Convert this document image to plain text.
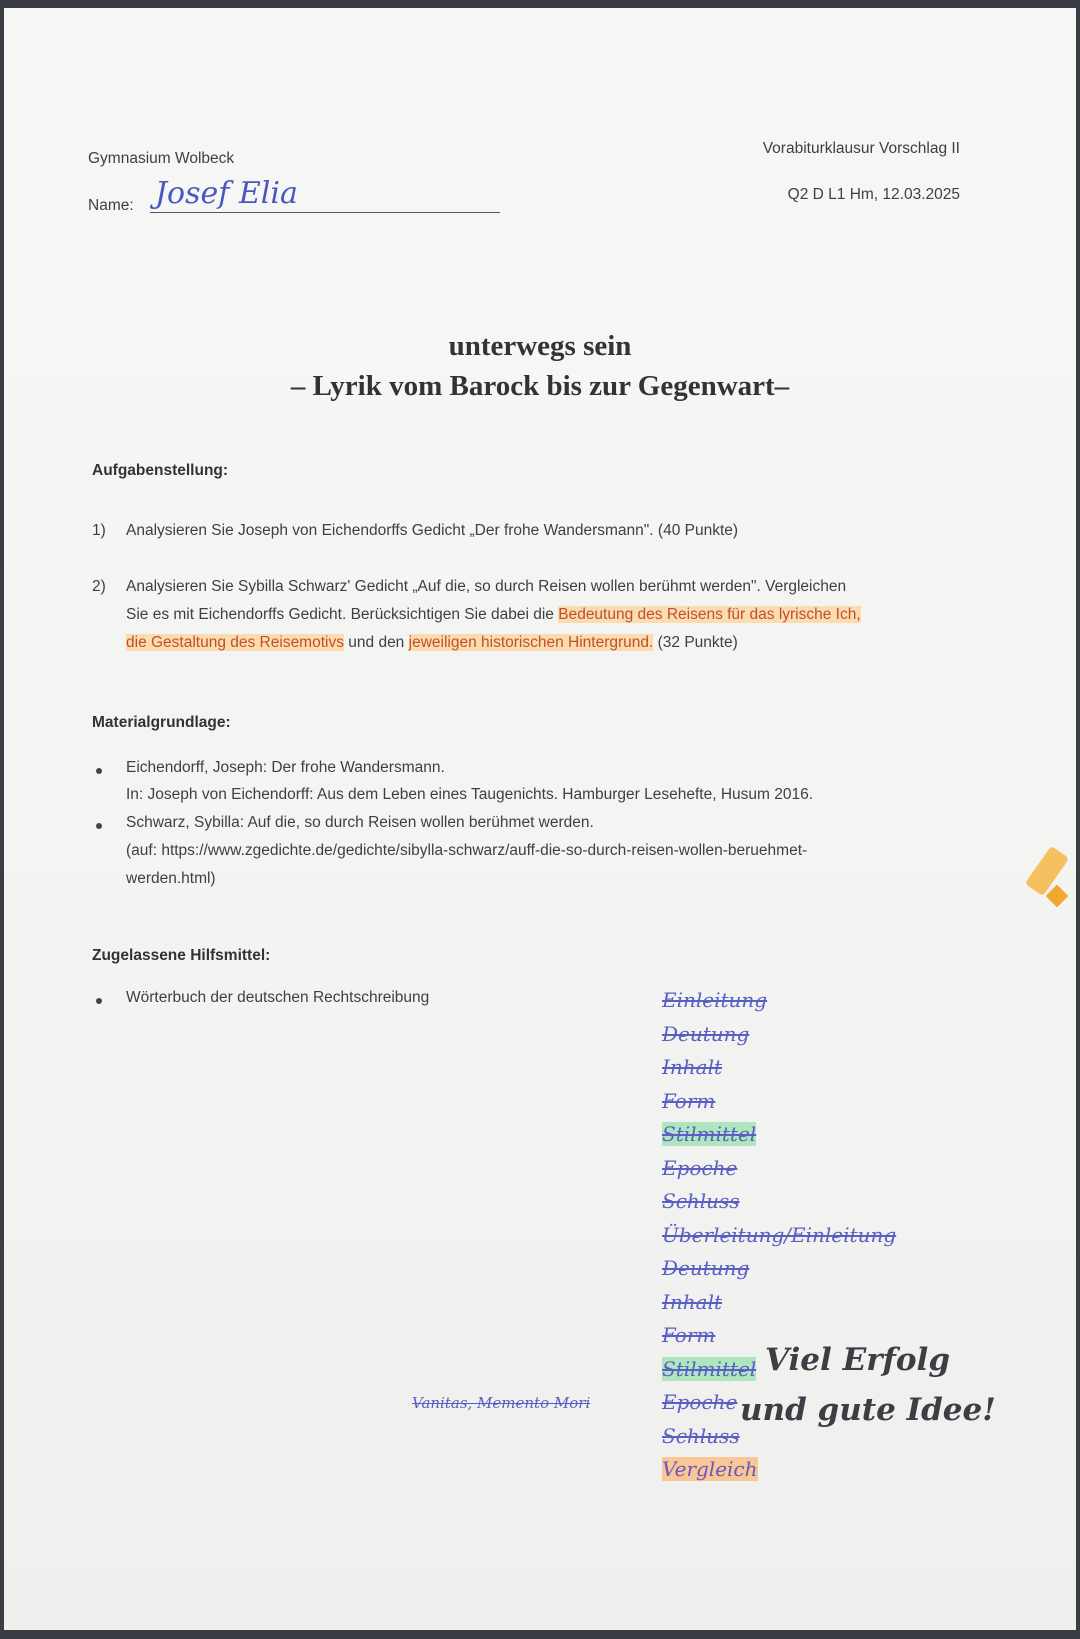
Gymnasium Wolbeck
Name: Josef Elia
Vorabiturklausur Vorschlag II
Q2 D L1 Hm, 12.03.2025
unterwegs sein
– Lyrik vom Barock bis zur Gegenwart–
Aufgabenstellung:
1) Analysieren Sie Joseph von Eichendorffs Gedicht „Der frohe Wandersmann". (40 Punkte)
2) Analysieren Sie Sybilla Schwarz' Gedicht „Auf die, so durch Reisen wollen berühmt werden". Vergleichen
Sie es mit Eichendorffs Gedicht. Berücksichtigen Sie dabei die Bedeutung des Reisens für das lyrische Ich,
die Gestaltung des Reisemotivs und den jeweiligen historischen Hintergrund. (32 Punkte)
Materialgrundlage:
Eichendorff, Joseph: Der frohe Wandersmann.
In: Joseph von Eichendorff: Aus dem Leben eines Taugenichts. Hamburger Lesehefte, Husum 2016.
Schwarz, Sybilla: Auf die, so durch Reisen wollen berühmet werden.
(auf: https://www.zgedichte.de/gedichte/sibylla-schwarz/auff-die-so-durch-reisen-wollen-beruehmet-
werden.html)
Zugelassene Hilfsmittel:
Wörterbuch der deutschen Rechtschreibung	Einleitung
Deutung
Inhalt
Form
Stilmittel
Epoche
Schluss
Überleitung/Einleitung
Deutung
Inhalt
Form
Stilmittel
Epoche
Schluss
Vergleich
Vanitas, Memento Mori
Viel Erfolg
und gute Idee!
